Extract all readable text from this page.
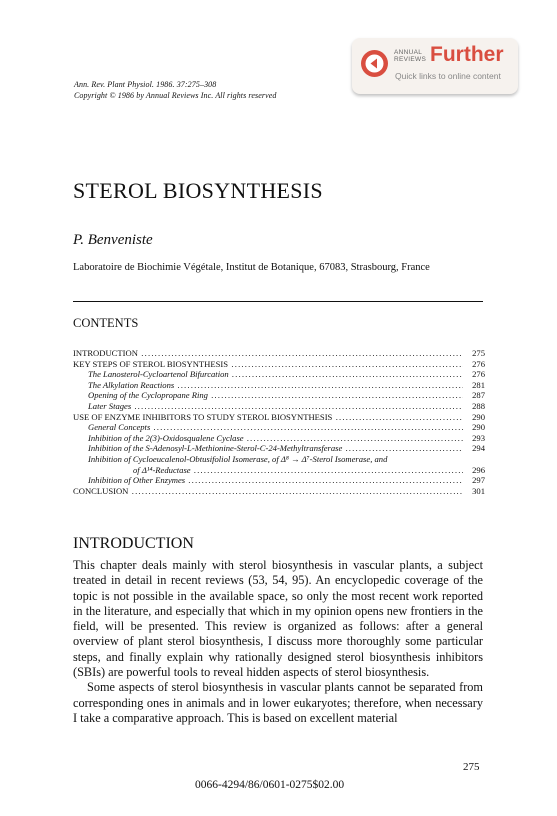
Ann. Rev. Plant Physiol. 1986. 37:275–308
Copyright © 1986 by Annual Reviews Inc. All rights reserved
ANNUAL
REVIEWS Further
Quick links to online content
STEROL BIOSYNTHESIS
P. Benveniste
Laboratoire de Biochimie Végétale, Institut de Botanique, 67083, Strasbourg, France
CONTENTS
INTRODUCTION .....	275
KEY STEPS OF STEROL BIOSYNTHESIS .....	276
The Lanosterol-Cycloartenol Bifurcation .....	276
The Alkylation Reactions .....	281
Opening of the Cyclopropane Ring .....	287
Later Stages .....	288
USE OF ENZYME INHIBITORS TO STUDY STEROL BIOSYNTHESIS .....	290
General Concepts .....	290
Inhibition of the 2(3)-Oxidosqualene Cyclase .....	293
Inhibition of the S-Adenosyl-L-Methionine-Sterol-C-24-Methyltransferase .....	294
Inhibition of Cycloeucalenol-Obtusifoliol Isomerase, of Δ⁸ → Δ⁷-Sterol Isomerase, and
of Δ¹⁴-Reductase .....	296
Inhibition of Other Enzymes .....	297
CONCLUSION .....	301
INTRODUCTION

This chapter deals mainly with sterol biosynthesis in vascular plants, a subject treated in detail in recent reviews (53, 54, 95). An encyclopedic coverage of the topic is not possible in the available space, so only the most recent work reported in the literature, and especially that which in my opinion opens new frontiers in the field, will be presented. This review is organized as follows: after a general overview of plant sterol biosynthesis, I discuss more thoroughly some particular steps, and finally explain why rationally designed sterol biosynthesis inhibitors (SBIs) are powerful tools to reveal hidden aspects of sterol biosynthesis.

Some aspects of sterol biosynthesis in vascular plants cannot be separated from corresponding ones in animals and in lower eukaryotes; therefore, when necessary I take a comparative approach. This is based on excellent material

275
0066-4294/86/0601-0275$02.00
